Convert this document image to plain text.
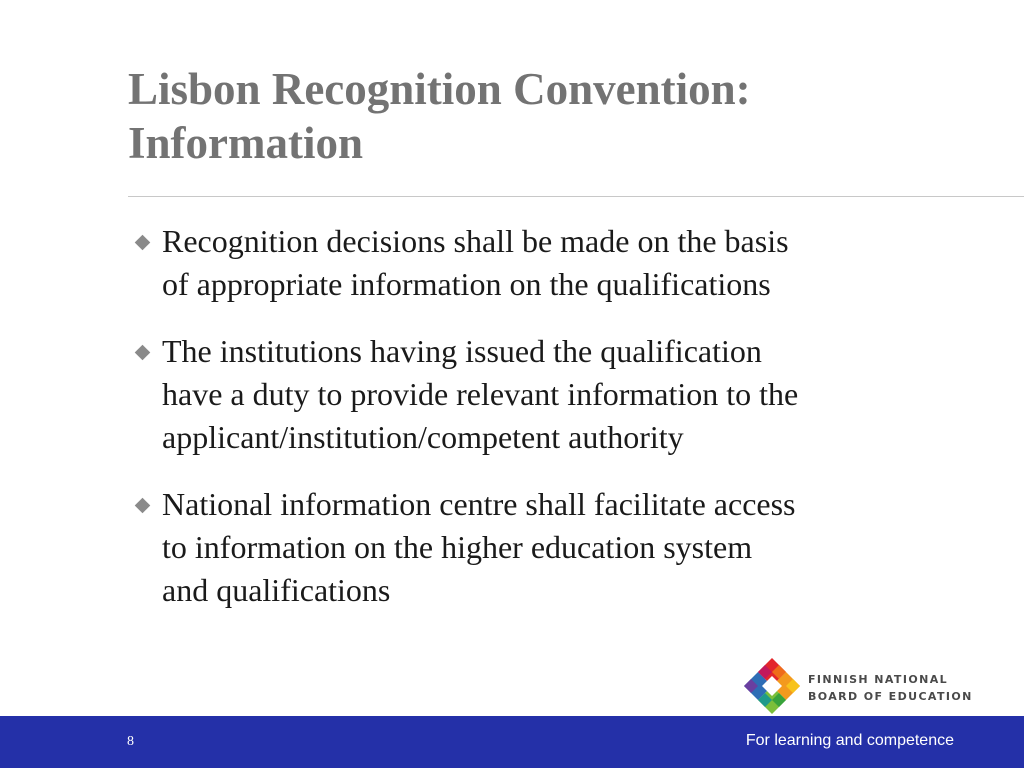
Lisbon Recognition Convention:
Information
Recognition decisions shall be made on the basis
of appropriate information on the qualifications
The institutions having issued the qualification
have a duty to provide relevant information to the
applicant/institution/competent authority
National information centre shall facilitate access
to information on the higher education system
and qualifications
FINNISH NATIONAL
BOARD OF EDUCATION
8	For learning and competence
